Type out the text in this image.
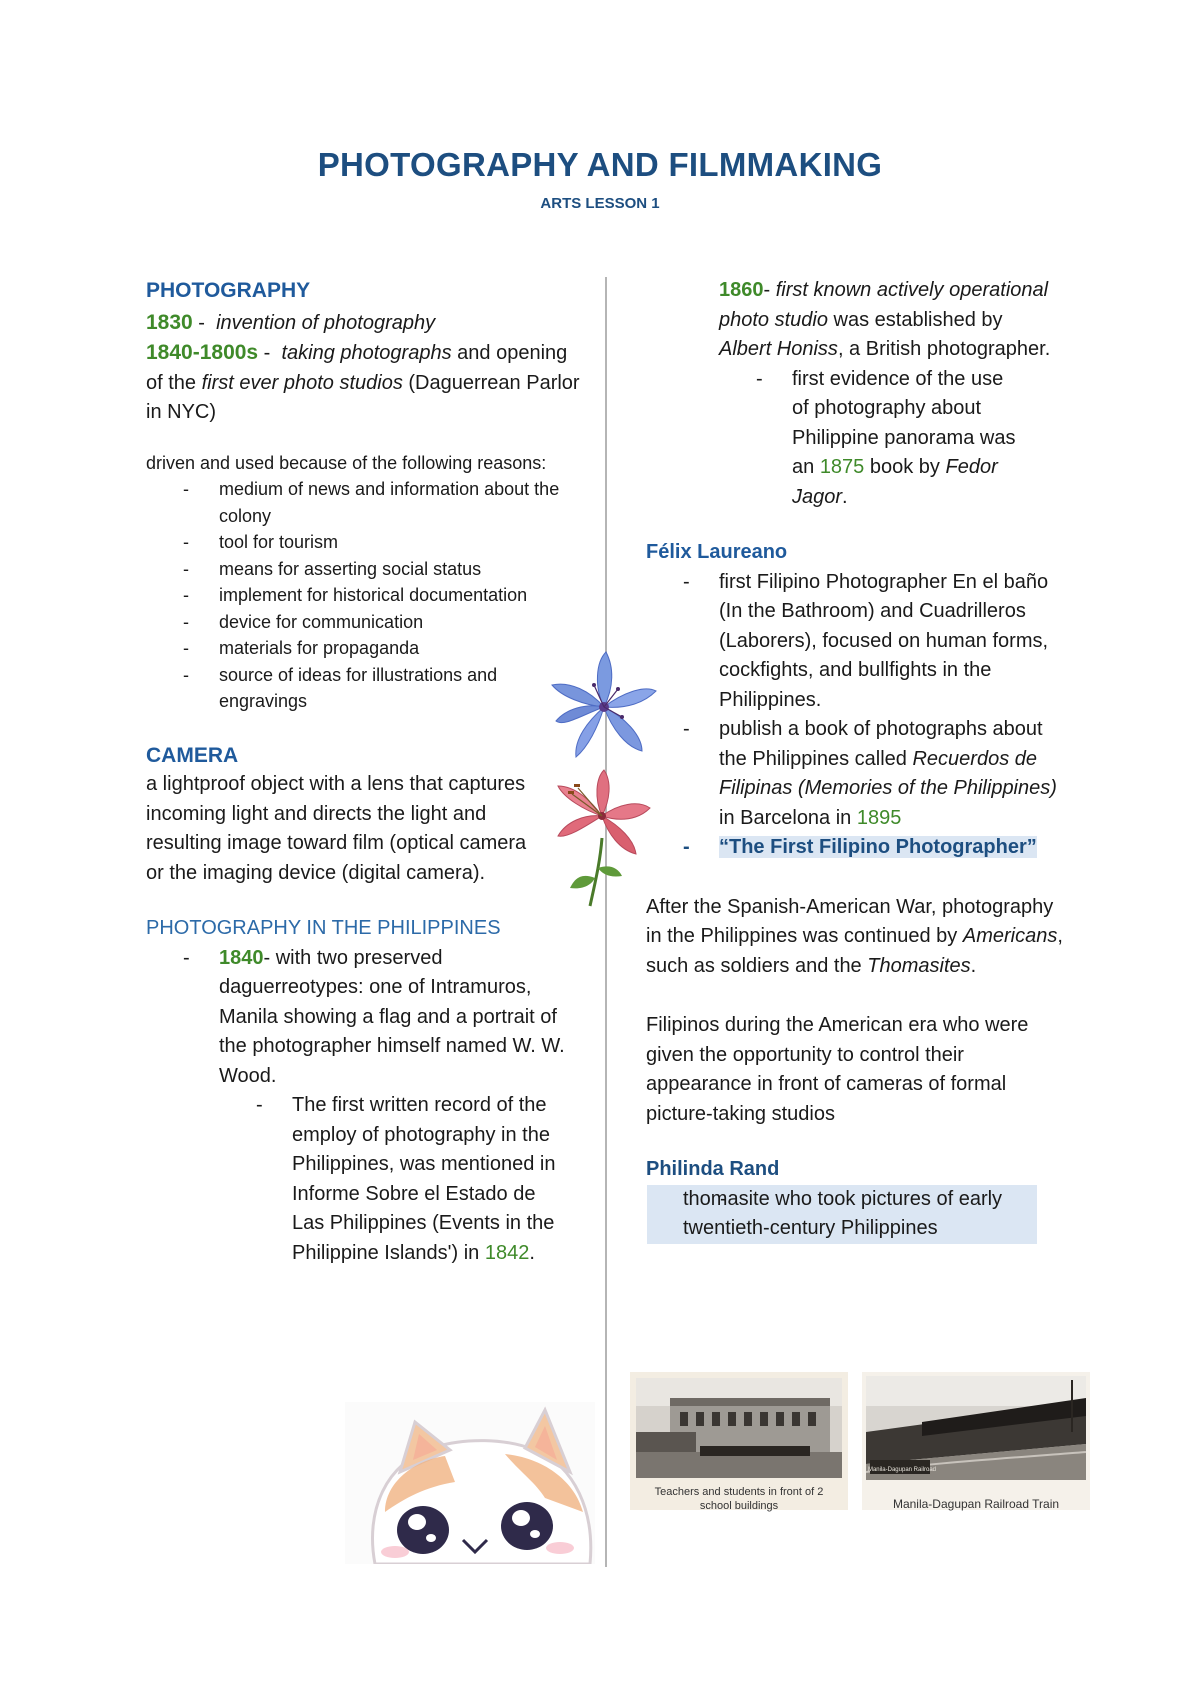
PHOTOGRAPHY AND FILMMAKING
ARTS LESSON 1
PHOTOGRAPHY
1830 -  invention of photography
1840-1800s -  taking photographs and opening of the first ever photo studios (Daguerrean Parlor in NYC)
driven and used because of the following reasons:
- medium of news and information about the colony
- tool for tourism
- means for asserting social status
- implement for historical documentation
- device for communication
- materials for propaganda
- source of ideas for illustrations and engravings
CAMERA
a lightproof object with a lens that captures incoming light and directs the light and resulting image toward film (optical camera or the imaging device (digital camera).
PHOTOGRAPHY IN THE PHILIPPINES
- 1840- with two preserved daguerreotypes: one of Intramuros, Manila showing a flag and a portrait of the photographer himself named W. W. Wood.
- The first written record of the employ of photography in the Philippines, was mentioned in Informe Sobre el Estado de Las Philippines (Events in the Philippine Islands') in 1842.
1860- first known actively operational photo studio was established by Albert Honiss, a British photographer.
- first evidence of the use of photography about Philippine panorama was an 1875 book by Fedor Jagor.
Félix Laureano
- first Filipino Photographer En el baño (In the Bathroom) and Cuadrilleros (Laborers), focused on human forms, cockfights, and bullfights in the Philippines.
- publish a book of photographs about the Philippines called Recuerdos de Filipinas (Memories of the Philippines) in Barcelona in 1895
- “The First Filipino Photographer”
After the Spanish-American War, photography in the Philippines was continued by Americans, such as soldiers and the Thomasites.
Filipinos during the American era who were given the opportunity to control their appearance in front of cameras of formal picture-taking studios
Philinda Rand
- thomasite who took pictures of early twentieth-century Philippines
Teachers and students in front of 2 school buildings
Manila-Dagupan Railroad
Manila-Dagupan Railroad Train
